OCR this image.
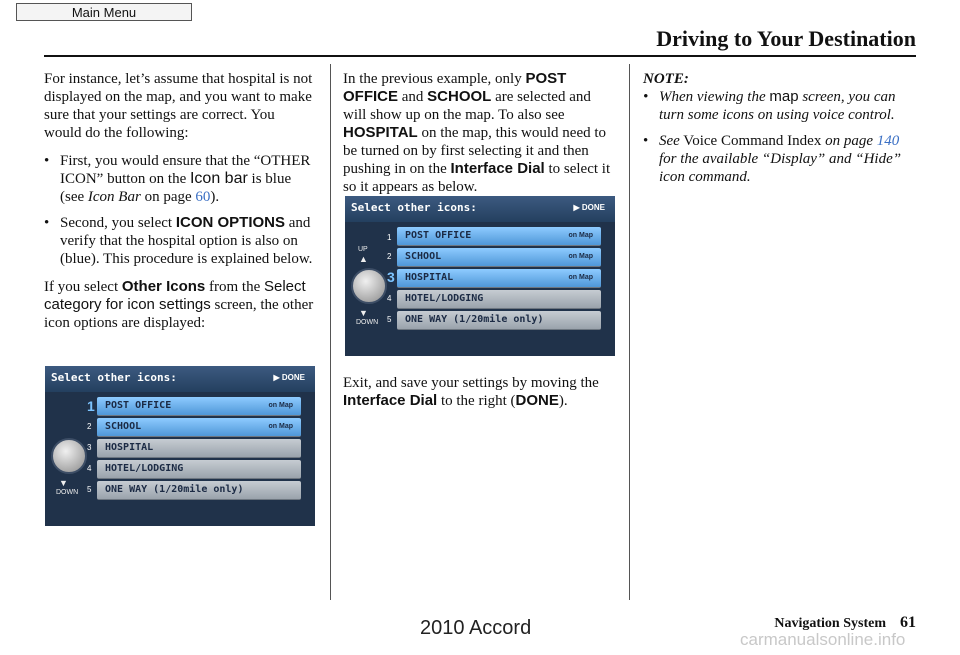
Main Menu
Driving to Your Destination

For instance, let’s assume that hospital is not displayed on the map, and you want to make sure that your settings are correct. You would do the following:

• First, you would ensure that the “OTHER ICON” button on the Icon bar is blue (see Icon Bar on page 60).
• Second, you select ICON OPTIONS and verify that the hospital option is also on (blue). This procedure is explained below.

If you select Other Icons from the Select category for icon settings screen, the other icon options are displayed:

Select other icons:	▶ DONE
▼
DOWN
1 POST OFFICE	on Map
2 SCHOOL	on Map
3 HOSPITAL
4 HOTEL/LODGING
5 ONE WAY (1/20mile only)

In the previous example, only POST OFFICE and SCHOOL are selected and will show up on the map. To also see HOSPITAL on the map, this would need to be turned on by first selecting it and then pushing in on the Interface Dial to select it so it appears as below.

Exit, and save your settings by moving the Interface Dial to the right (DONE).

Select other icons:	▶ DONE
UP
▲
▼
DOWN
1 POST OFFICE	on Map
2 SCHOOL	on Map
3 HOSPITAL	on Map
4 HOTEL/LODGING
5 ONE WAY (1/20mile only)
NOTE:
• When viewing the map screen, you can turn some icons on using voice control.
• See Voice Command Index on page 140 for the available “Display” and “Hide” icon command.
2010 Accord	Navigation System 61
carmanualsonline.info
